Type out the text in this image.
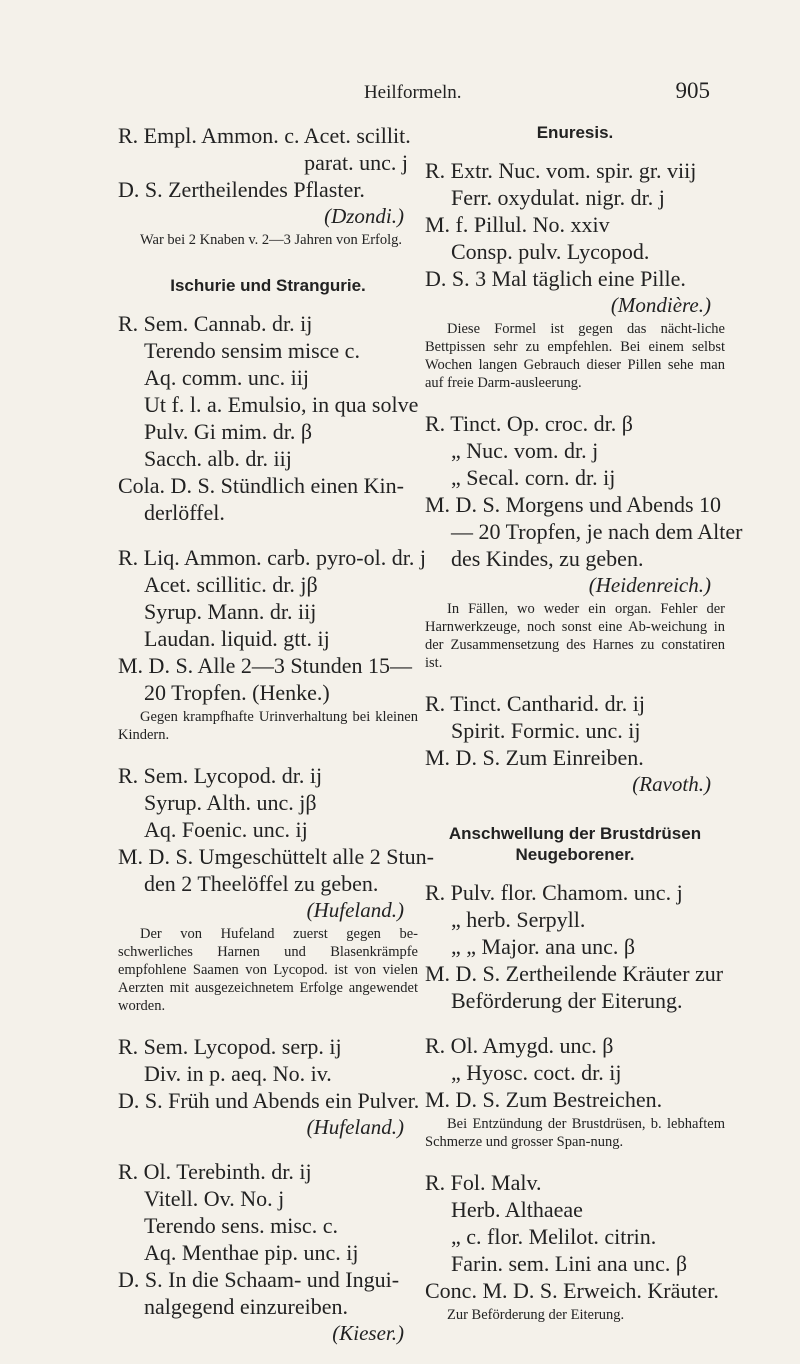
Heilformeln.	905
R. Empl. Ammon. c. Acet. scillit.
parat. unc. j
D. S. Zertheilendes Pflaster.
(Dzondi.)

War bei 2 Knaben v. 2—3 Jahren von Erfolg.

Ischurie und Strangurie.
R. Sem. Cannab. dr. ij
Terendo sensim misce c.
Aq. comm. unc. iij
Ut f. l. a. Emulsio, in qua solve
Pulv. Gi mim. dr. β
Sacch. alb. dr. iij
Cola. D. S. Stündlich einen Kin-
derlöffel.
R. Liq. Ammon. carb. pyro-ol. dr. j
Acet. scillitic. dr. jβ
Syrup. Mann. dr. iij
Laudan. liquid. gtt. ij
M. D. S. Alle 2—3 Stunden 15—
20 Tropfen. (Henke.)

Gegen krampfhafte Urinverhaltung bei kleinen Kindern.

R. Sem. Lycopod. dr. ij
Syrup. Alth. unc. jβ
Aq. Foenic. unc. ij
M. D. S. Umgeschüttelt alle 2 Stun-
den 2 Theelöffel zu geben.
(Hufeland.)

Der von Hufeland zuerst gegen be-schwerliches Harnen und Blasenkrämpfe empfohlene Saamen von Lycopod. ist von vielen Aerzten mit ausgezeichnetem Erfolge angewendet worden.

R. Sem. Lycopod. serp. ij
Div. in p. aeq. No. iv.
D. S. Früh und Abends ein Pulver.
(Hufeland.)
R. Ol. Terebinth. dr. ij
Vitell. Ov. No. j
Terendo sens. misc. c.
Aq. Menthae pip. unc. ij
D. S. In die Schaam- und Ingui-
nalgegend einzureiben.
(Kieser.)
Enuresis.
R. Extr. Nuc. vom. spir. gr. viij
Ferr. oxydulat. nigr. dr. j
M. f. Pillul. No. xxiv
Consp. pulv. Lycopod.
D. S. 3 Mal täglich eine Pille.
(Mondière.)

Diese Formel ist gegen das nächt-liche Bettpissen sehr zu empfehlen. Bei einem selbst Wochen langen Gebrauch dieser Pillen sehe man auf freie Darm-ausleerung.

R. Tinct. Op. croc. dr. β
„ Nuc. vom. dr. j
„ Secal. corn. dr. ij
M. D. S. Morgens und Abends 10
— 20 Tropfen, je nach dem Alter
des Kindes, zu geben.
(Heidenreich.)

In Fällen, wo weder ein organ. Fehler der Harnwerkzeuge, noch sonst eine Ab-weichung in der Zusammensetzung des Harnes zu constatiren ist.

R. Tinct. Cantharid. dr. ij
Spirit. Formic. unc. ij
M. D. S. Zum Einreiben.
(Ravoth.)
Anschwellung der Brustdrüsen Neugeborener.
R. Pulv. flor. Chamom. unc. j
„ herb. Serpyll.
„ „ Major. ana unc. β
M. D. S. Zertheilende Kräuter zur
Beförderung der Eiterung.
R. Ol. Amygd. unc. β
„ Hyosc. coct. dr. ij
M. D. S. Zum Bestreichen.

Bei Entzündung der Brustdrüsen, b. lebhaftem Schmerze und grosser Span-nung.

R. Fol. Malv.
Herb. Althaeae
„ c. flor. Melilot. citrin.
Farin. sem. Lini ana unc. β
Conc. M. D. S. Erweich. Kräuter.

Zur Beförderung der Eiterung.
